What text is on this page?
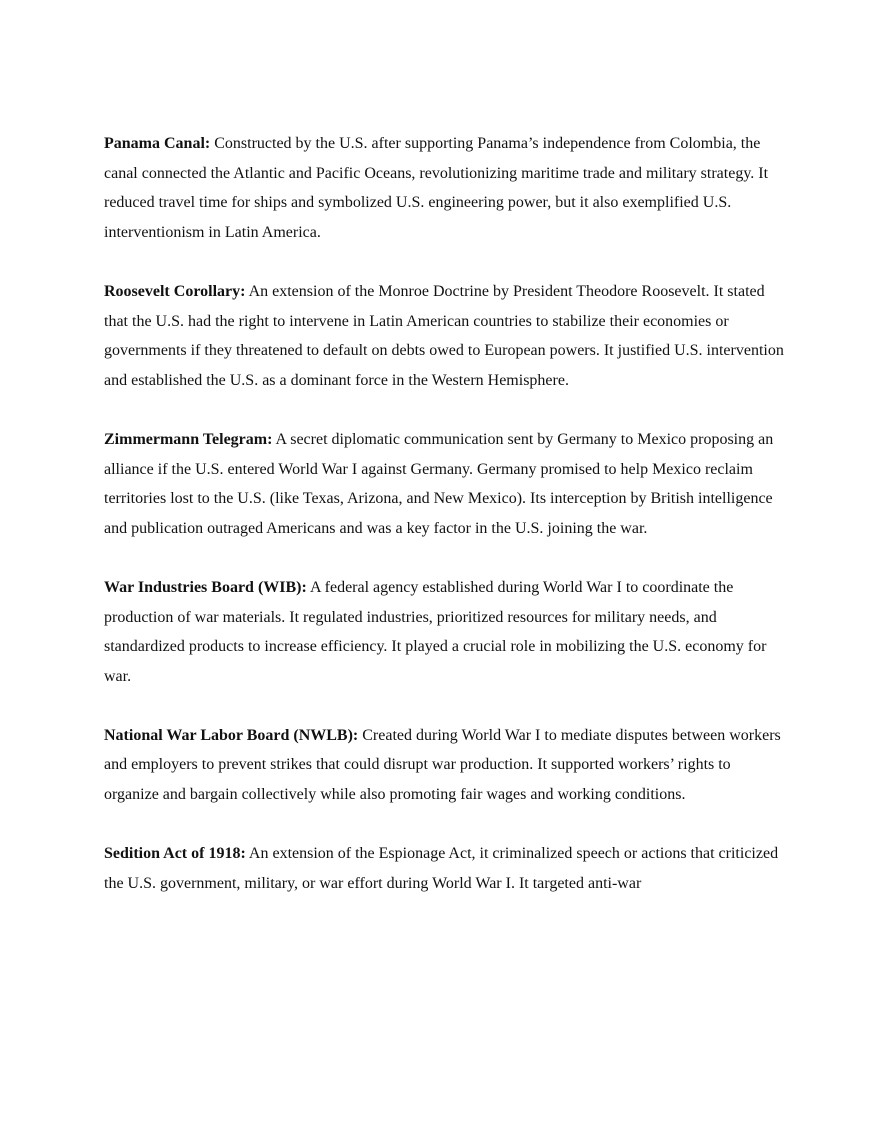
Panama Canal: Constructed by the U.S. after supporting Panama’s independence from Colombia, the canal connected the Atlantic and Pacific Oceans, revolutionizing maritime trade and military strategy. It reduced travel time for ships and symbolized U.S. engineering power, but it also exemplified U.S. interventionism in Latin America.

Roosevelt Corollary: An extension of the Monroe Doctrine by President Theodore Roosevelt. It stated that the U.S. had the right to intervene in Latin American countries to stabilize their economies or governments if they threatened to default on debts owed to European powers. It justified U.S. intervention and established the U.S. as a dominant force in the Western Hemisphere.

Zimmermann Telegram: A secret diplomatic communication sent by Germany to Mexico proposing an alliance if the U.S. entered World War I against Germany. Germany promised to help Mexico reclaim territories lost to the U.S. (like Texas, Arizona, and New Mexico). Its interception by British intelligence and publication outraged Americans and was a key factor in the U.S. joining the war.

War Industries Board (WIB): A federal agency established during World War I to coordinate the production of war materials. It regulated industries, prioritized resources for military needs, and standardized products to increase efficiency. It played a crucial role in mobilizing the U.S. economy for war.

National War Labor Board (NWLB): Created during World War I to mediate disputes between workers and employers to prevent strikes that could disrupt war production. It supported workers’ rights to organize and bargain collectively while also promoting fair wages and working conditions.

Sedition Act of 1918: An extension of the Espionage Act, it criminalized speech or actions that criticized the U.S. government, military, or war effort during World War I. It targeted anti-war
